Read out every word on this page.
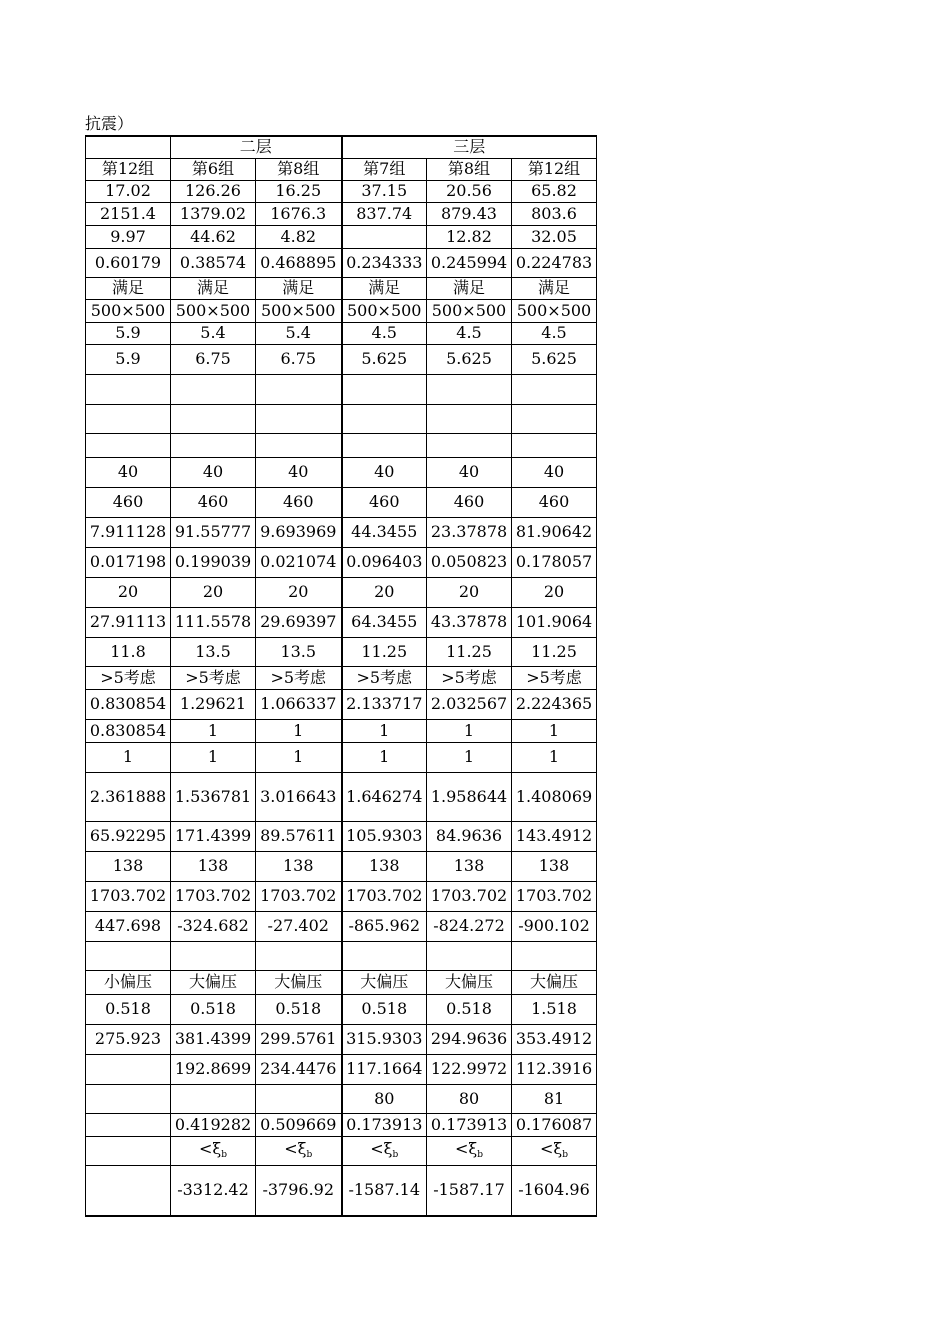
抗震）
	二层		三层		
第12组	第6组	第8组	第7组	第8组	第12组
17.02	126.26	16.25	37.15	20.56	65.82
2151.4	1379.02	1676.3	837.74	879.43	803.6
9.97	44.62	4.82		12.82	32.05
0.60179	0.38574	0.468895	0.234333	0.245994	0.224783
满足	满足	满足	满足	满足	满足
500×500	500×500	500×500	500×500	500×500	500×500
5.9	5.4	5.4	4.5	4.5	4.5
5.9	6.75	6.75	5.625	5.625	5.625

40	40	40	40	40	40
460	460	460	460	460	460
7.911128	91.55777	9.693969	44.3455	23.37878	81.90642
0.017198	0.199039	0.021074	0.096403	0.050823	0.178057
20	20	20	20	20	20
27.91113	111.5578	29.69397	64.3455	43.37878	101.9064
11.8	13.5	13.5	11.25	11.25	11.25
>5考虑	>5考虑	>5考虑	>5考虑	>5考虑	>5考虑
0.830854	1.29621	1.066337	2.133717	2.032567	2.224365
0.830854	1	1	1	1	1
1	1	1	1	1	1
2.361888	1.536781	3.016643	1.646274	1.958644	1.408069
65.92295	171.4399	89.57611	105.9303	84.9636	143.4912
138	138	138	138	138	138
1703.702	1703.702	1703.702	1703.702	1703.702	1703.702
447.698	-324.682	-27.402	-865.962	-824.272	-900.102

小偏压	大偏压	大偏压	大偏压	大偏压	大偏压
0.518	0.518	0.518	0.518	0.518	1.518
275.923	381.4399	299.5761	315.9303	294.9636	353.4912
	192.8699	234.4476	117.1664	122.9972	112.3916
			80	80	81
	0.419282	0.509669	0.173913	0.173913	0.176087
	$<\xi_b$	$<\xi_b$	$<\xi_b$	$<\xi_b$	$<\xi_b$
	-3312.42	-3796.92	-1587.14	-1587.17	-1604.96
